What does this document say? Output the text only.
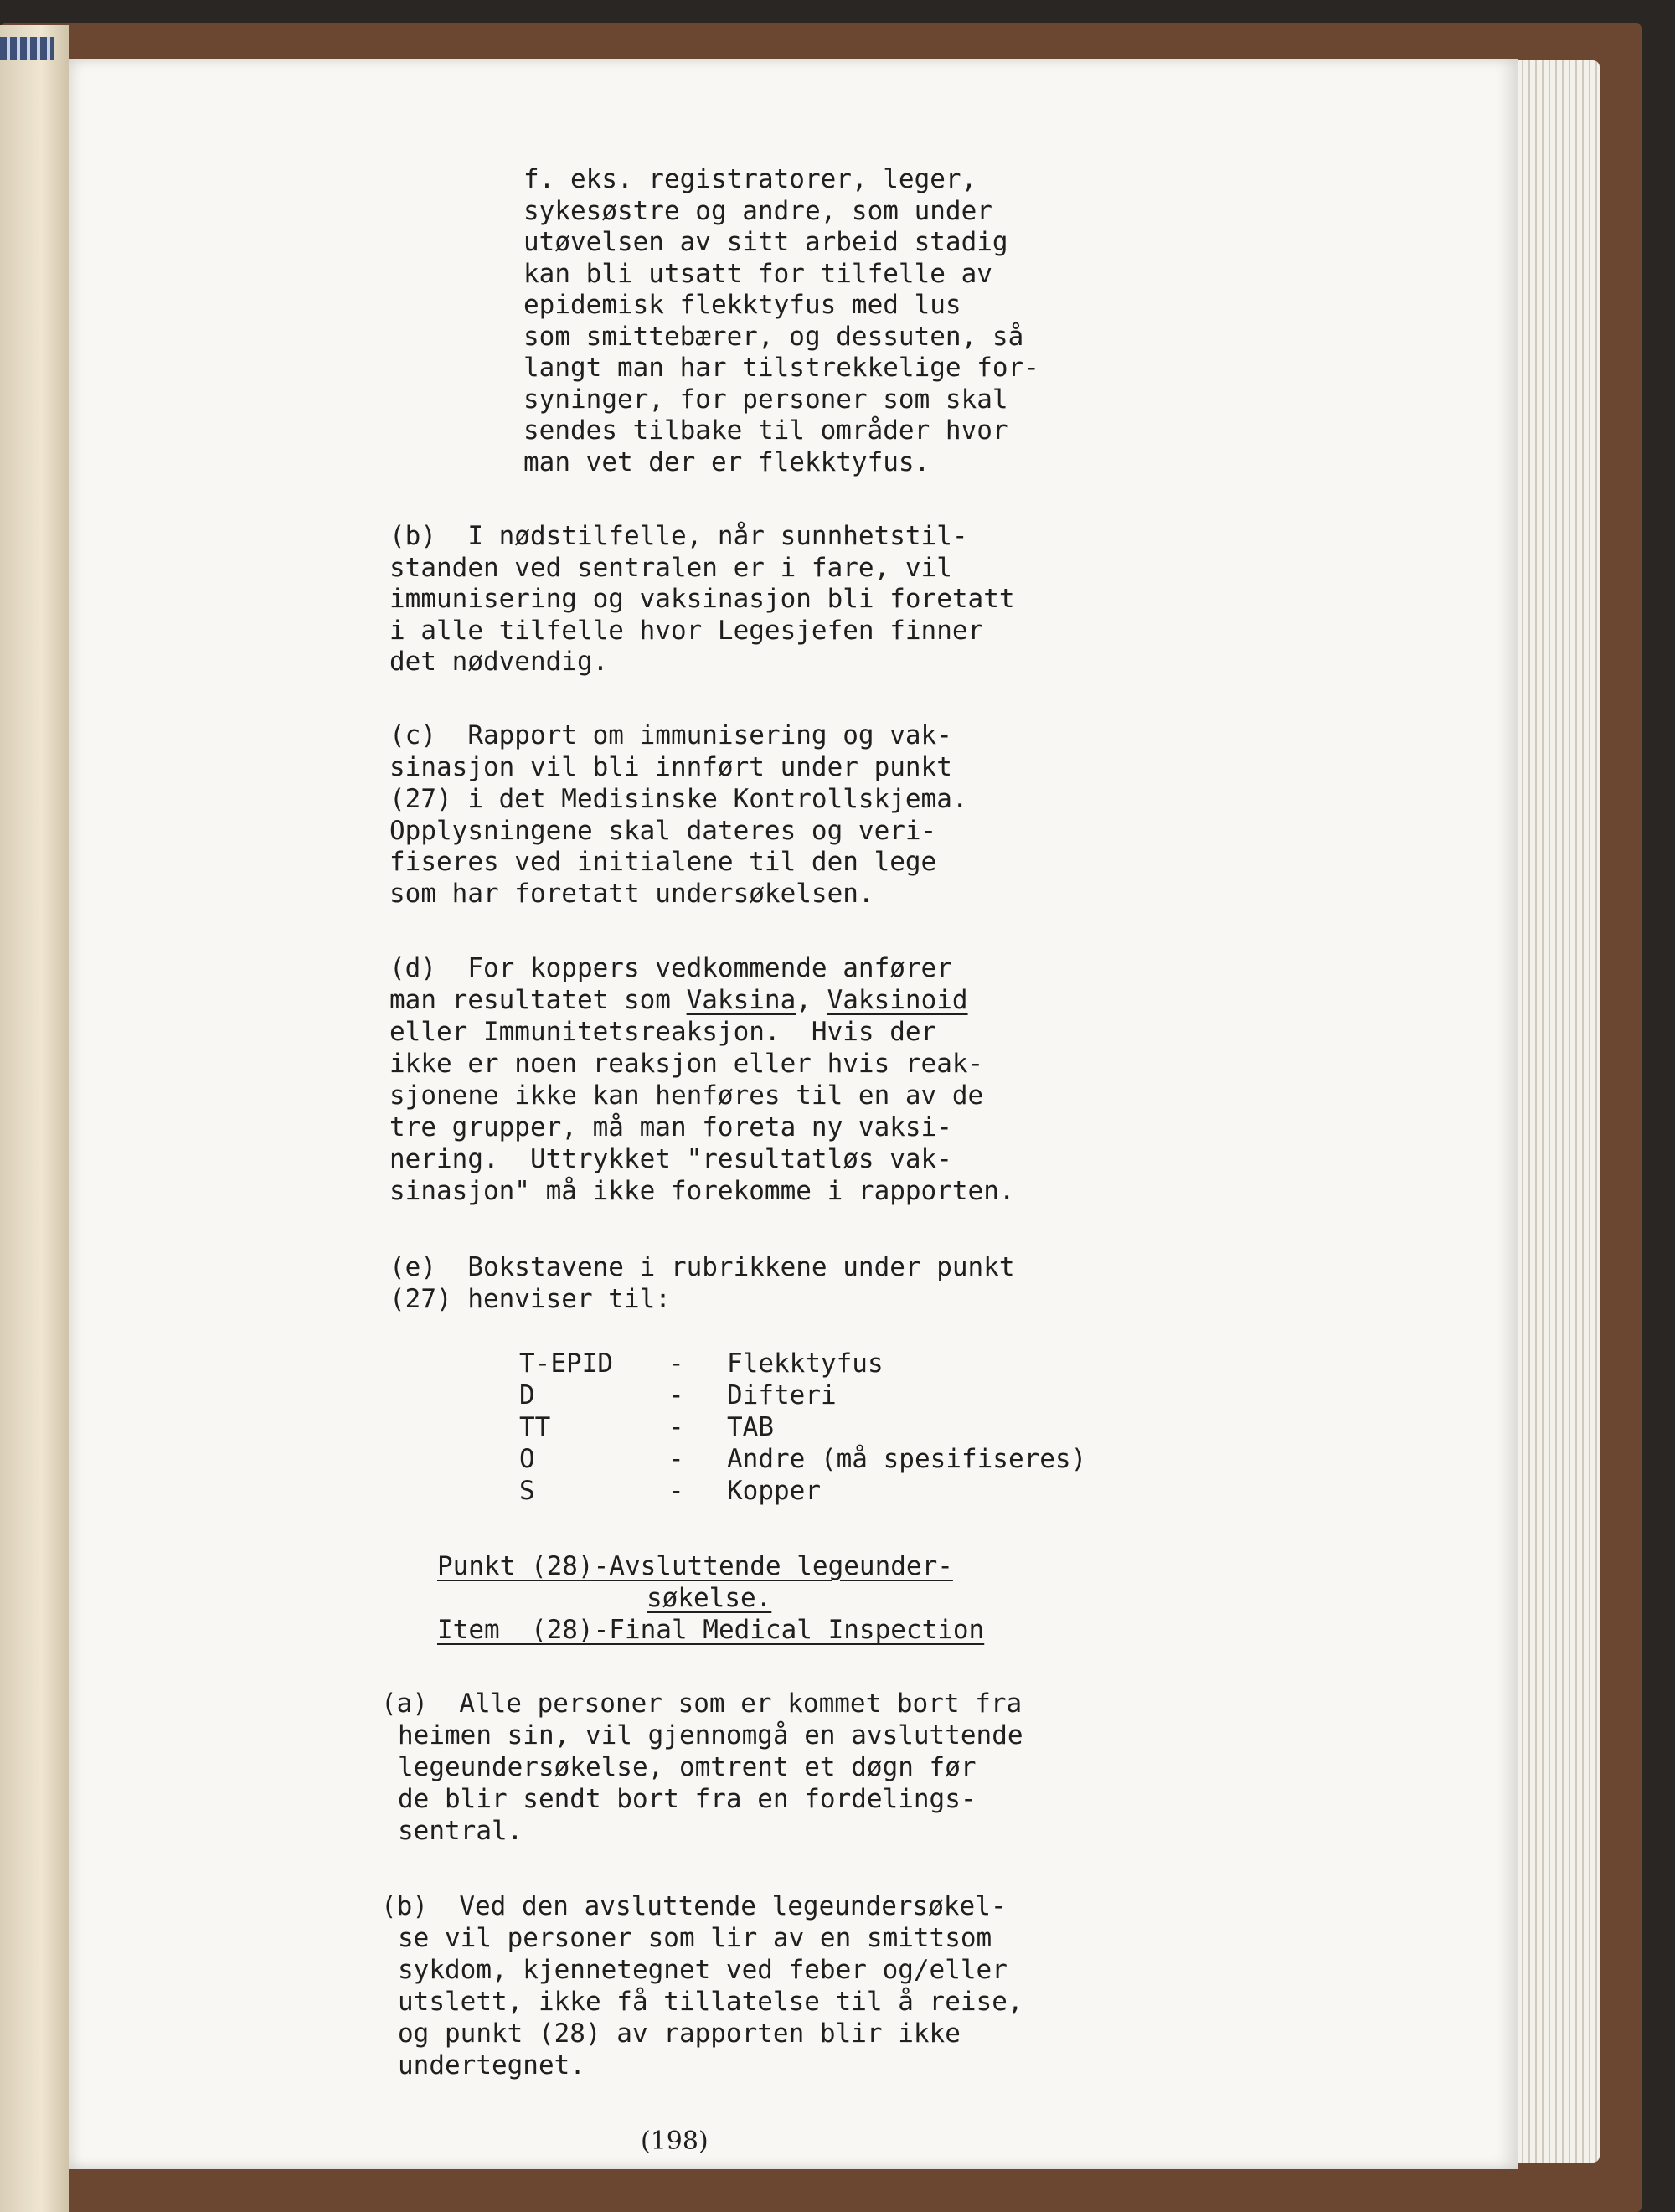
f. eks. registratorer, leger,
sykesøstre og andre, som under
utøvelsen av sitt arbeid stadig
kan bli utsatt for tilfelle av
epidemisk flekktyfus med lus
som smittebærer, og dessuten, så
langt man har tilstrekkelige for-
syninger, for personer som skal
sendes tilbake til områder hvor
man vet der er flekktyfus.
(b)  I nødstilfelle, når sunnhetstil-
standen ved sentralen er i fare, vil
immunisering og vaksinasjon bli foretatt
i alle tilfelle hvor Legesjefen finner
det nødvendig.
(c)  Rapport om immunisering og vak-
sinasjon vil bli innført under punkt
(27) i det Medisinske Kontrollskjema.
Opplysningene skal dateres og veri-
fiseres ved initialene til den lege
som har foretatt undersøkelsen.
(d)  For koppers vedkommende anfører
man resultatet som Vaksina, Vaksinoid
eller Immunitetsreaksjon.  Hvis der
ikke er noen reaksjon eller hvis reak-
sjonene ikke kan henføres til en av de
tre grupper, må man foreta ny vaksi-
nering.  Uttrykket "resultatløs vak-
sinasjon" må ikke forekomme i rapporten.
(e)  Bokstavene i rubrikkene under punkt
(27) henviser til:
T-EPID - Flekktyfus
D	- Difteri
TT	- TAB
O	- Andre (må spesifiseres)
S	- Kopper
Punkt (28)-Avsluttende legeunder-
søkelse.
Item  (28)-Final Medical Inspection
(a)  Alle personer som er kommet bort fra
heimen sin, vil gjennomgå en avsluttende
legeundersøkelse, omtrent et døgn før
de blir sendt bort fra en fordelings-
sentral.
(b)  Ved den avsluttende legeundersøkel-
se vil personer som lir av en smittsom
sykdom, kjennetegnet ved feber og/eller
utslett, ikke få tillatelse til å reise,
og punkt (28) av rapporten blir ikke
undertegnet.
(198)
